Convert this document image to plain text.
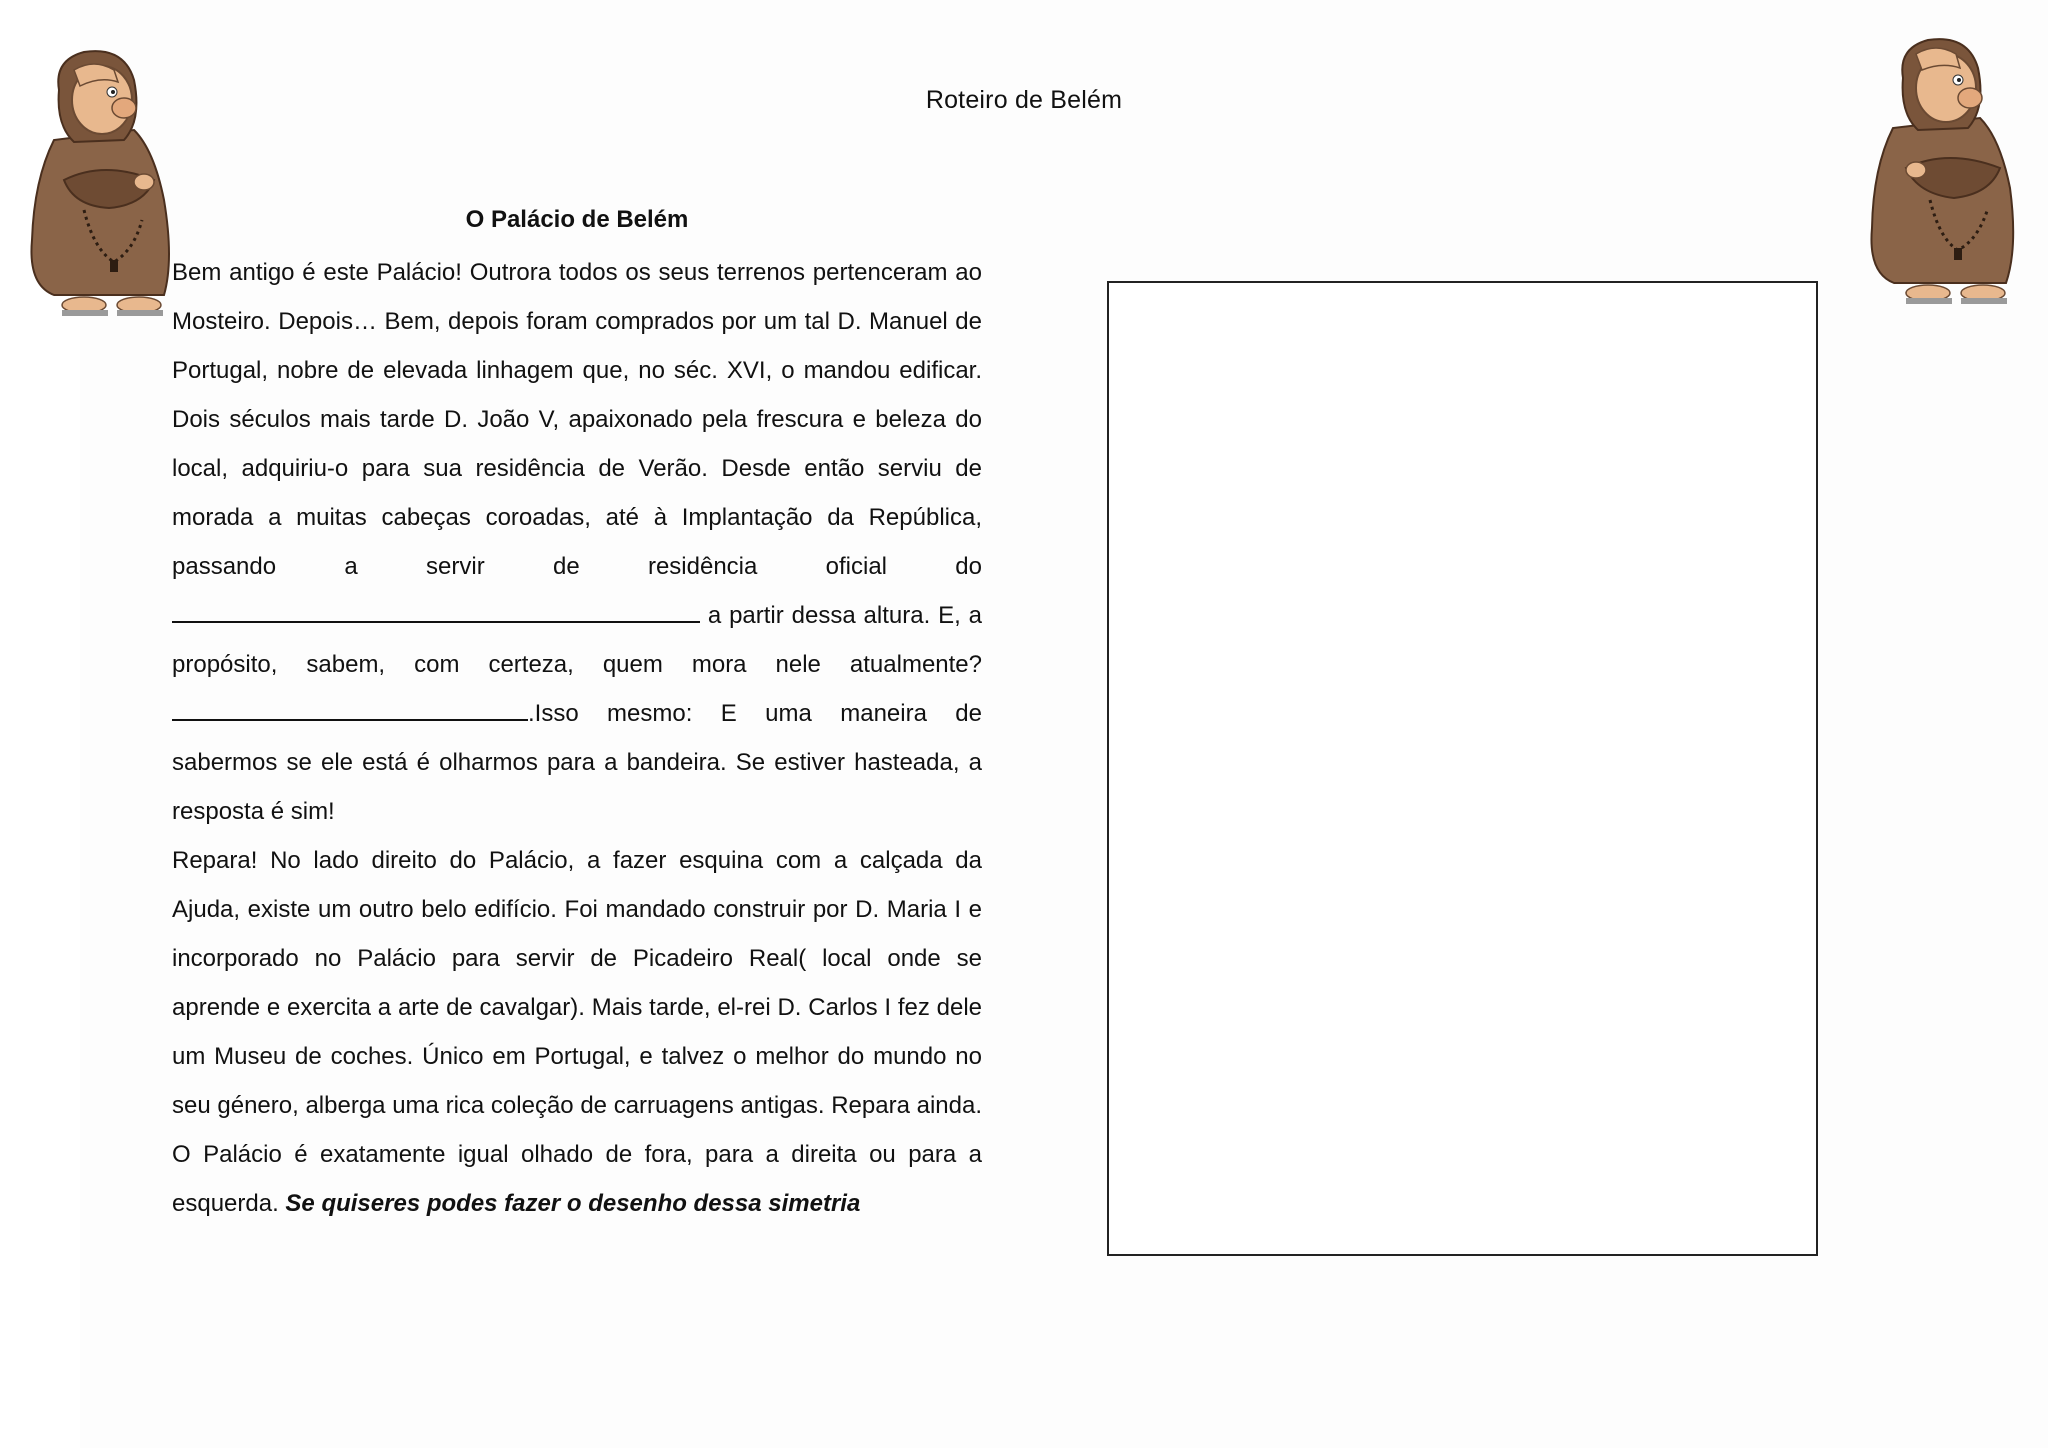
Roteiro de Belém
O Palácio de Belém

Bem antigo é este Palácio! Outrora todos os seus terrenos pertenceram ao Mosteiro. Depois… Bem, depois foram comprados por um tal D. Manuel de Portugal, nobre de elevada linhagem que, no séc. XVI, o mandou edificar. Dois séculos mais tarde D. João V, apaixonado pela frescura e beleza do local, adquiriu-o para sua residência de Verão. Desde então serviu de morada a muitas cabeças coroadas, até à Implantação da República, passando a servir de residência oficial do a partir dessa altura. E, a propósito, sabem, com certeza, quem mora nele atualmente?.Isso mesmo: E uma maneira de sabermos se ele está é olharmos para a bandeira. Se estiver hasteada, a resposta é sim!

Repara! No lado direito do Palácio, a fazer esquina com a calçada da Ajuda, existe um outro belo edifício. Foi mandado construir por D. Maria I e incorporado no Palácio para servir de Picadeiro Real( local onde se aprende e exercita a arte de cavalgar). Mais tarde, el-rei D. Carlos I fez dele um Museu de coches. Único em Portugal, e talvez o melhor do mundo no seu género, alberga uma rica coleção de carruagens antigas. Repara ainda. O Palácio é exatamente igual olhado de fora, para a direita ou para a esquerda. Se quiseres podes fazer o desenho dessa simetria
